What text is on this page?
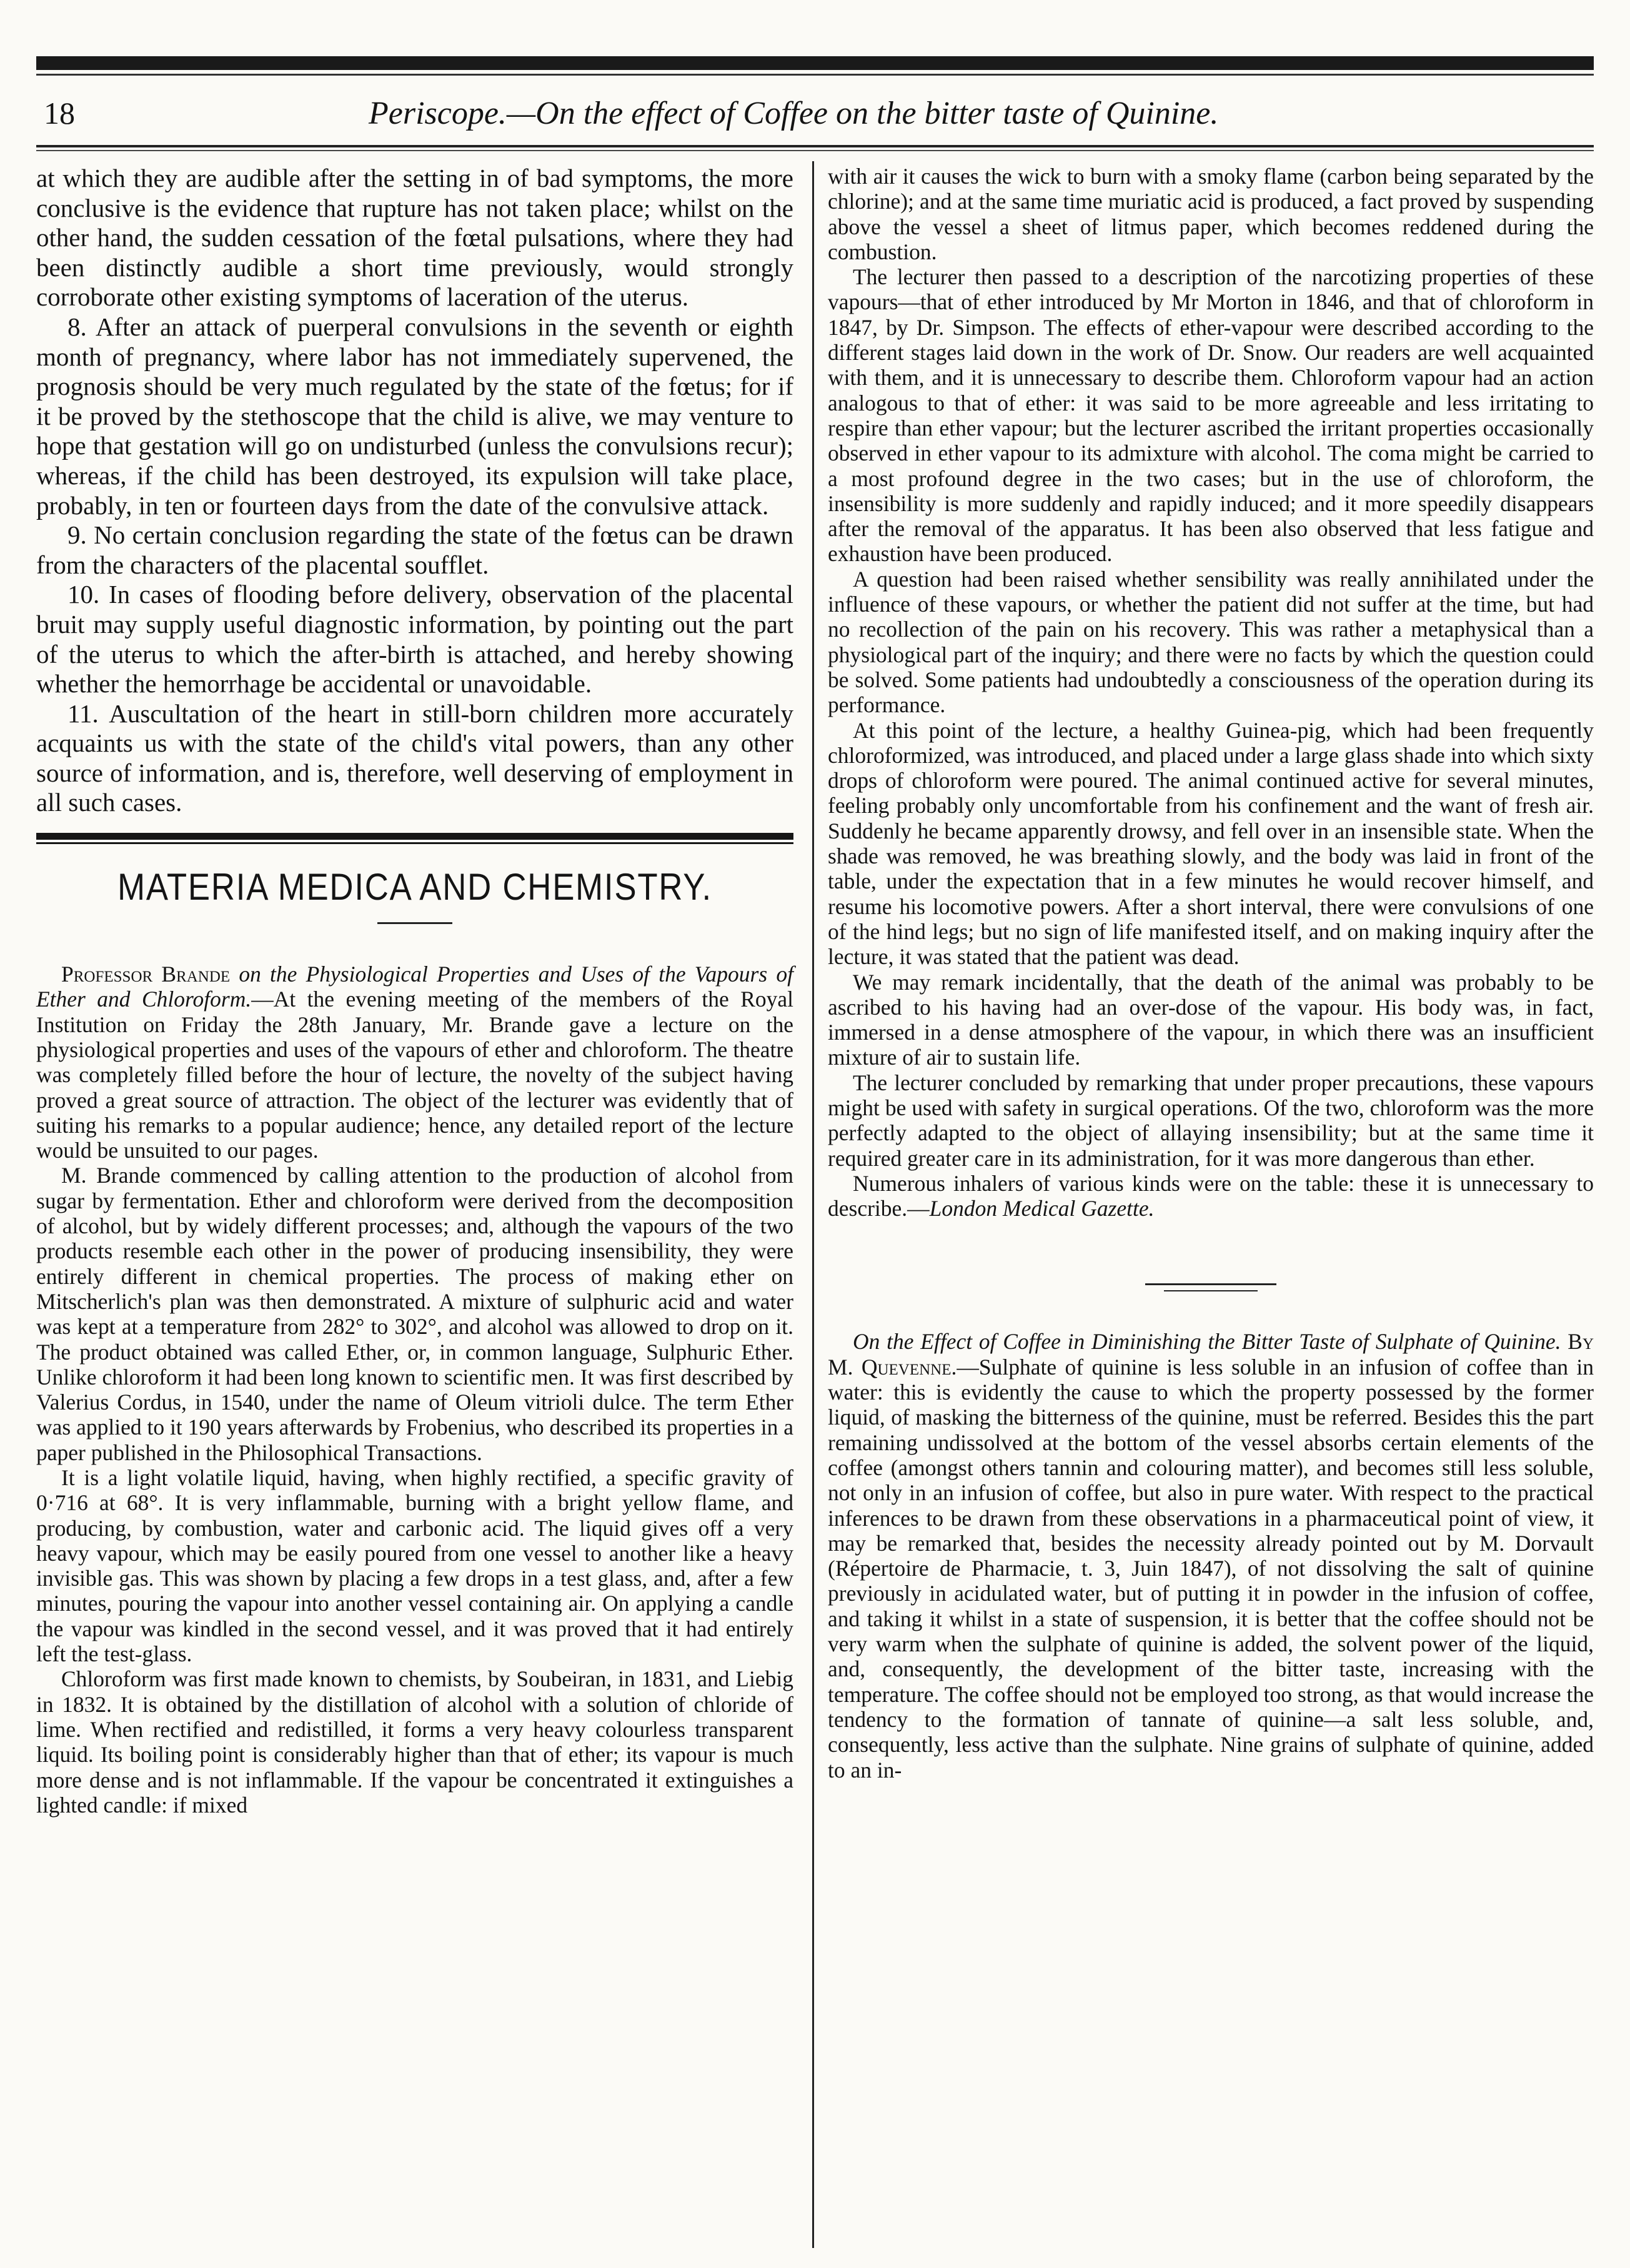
18	Periscope.—On the effect of Coffee on the bitter taste of Quinine.

at which they are audible after the setting in of bad symptoms, the more conclusive is the evidence that rupture has not taken place; whilst on the other hand, the sudden cessation of the fœtal pulsations, where they had been distinctly audible a short time previously, would strongly corroborate other existing symptoms of laceration of the uterus.

8. After an attack of puerperal convulsions in the seventh or eighth month of pregnancy, where labor has not immediately supervened, the prognosis should be very much regulated by the state of the fœtus; for if it be proved by the stethoscope that the child is alive, we may venture to hope that gestation will go on undisturbed (unless the convulsions recur); whereas, if the child has been destroyed, its expulsion will take place, probably, in ten or fourteen days from the date of the convulsive attack.

9. No certain conclusion regarding the state of the fœtus can be drawn from the characters of the placental soufflet.

10. In cases of flooding before delivery, observation of the placental bruit may supply useful diagnostic information, by pointing out the part of the uterus to which the after-birth is attached, and hereby showing whether the hemorrhage be accidental or unavoidable.

11. Auscultation of the heart in still-born children more accurately acquaints us with the state of the child's vital powers, than any other source of information, and is, therefore, well deserving of employment in all such cases.

MATERIA MEDICA AND CHEMISTRY.

Professor Brande on the Physiological Properties and Uses of the Vapours of Ether and Chloroform.—At the evening meeting of the members of the Royal Institution on Friday the 28th January, Mr. Brande gave a lecture on the physiological properties and uses of the vapours of ether and chloroform. The theatre was completely filled before the hour of lecture, the novelty of the subject having proved a great source of attraction. The object of the lecturer was evidently that of suiting his remarks to a popular audience; hence, any detailed report of the lecture would be unsuited to our pages.

M. Brande commenced by calling attention to the production of alcohol from sugar by fermentation. Ether and chloroform were derived from the decomposition of alcohol, but by widely different processes; and, although the vapours of the two products resemble each other in the power of producing insensibility, they were entirely different in chemical properties. The process of making ether on Mitscherlich's plan was then demonstrated. A mixture of sulphuric acid and water was kept at a temperature from 282° to 302°, and alcohol was allowed to drop on it. The product obtained was called Ether, or, in common language, Sulphuric Ether. Unlike chloroform it had been long known to scientific men. It was first described by Valerius Cordus, in 1540, under the name of Oleum vitrioli dulce. The term Ether was applied to it 190 years afterwards by Frobenius, who described its properties in a paper published in the Philosophical Transactions.

It is a light volatile liquid, having, when highly rectified, a specific gravity of 0·716 at 68°. It is very inflammable, burning with a bright yellow flame, and producing, by combustion, water and carbonic acid. The liquid gives off a very heavy vapour, which may be easily poured from one vessel to another like a heavy invisible gas. This was shown by placing a few drops in a test glass, and, after a few minutes, pouring the vapour into another vessel containing air. On applying a candle the vapour was kindled in the second vessel, and it was proved that it had entirely left the test-glass.

Chloroform was first made known to chemists, by Soubeiran, in 1831, and Liebig in 1832. It is obtained by the distillation of alcohol with a solution of chloride of lime. When rectified and redistilled, it forms a very heavy colourless transparent liquid. Its boiling point is considerably higher than that of ether; its vapour is much more dense and is not inflammable. If the vapour be concentrated it extinguishes a lighted candle: if mixed

with air it causes the wick to burn with a smoky flame (carbon being separated by the chlorine); and at the same time muriatic acid is produced, a fact proved by suspending above the vessel a sheet of litmus paper, which becomes reddened during the combustion.

The lecturer then passed to a description of the narcotizing properties of these vapours—that of ether introduced by Mr Morton in 1846, and that of chloroform in 1847, by Dr. Simpson. The effects of ether-vapour were described according to the different stages laid down in the work of Dr. Snow. Our readers are well acquainted with them, and it is unnecessary to describe them. Chloroform vapour had an action analogous to that of ether: it was said to be more agreeable and less irritating to respire than ether vapour; but the lecturer ascribed the irritant properties occasionally observed in ether vapour to its admixture with alcohol. The coma might be carried to a most profound degree in the two cases; but in the use of chloroform, the insensibility is more suddenly and rapidly induced; and it more speedily disappears after the removal of the apparatus. It has been also observed that less fatigue and exhaustion have been produced.

A question had been raised whether sensibility was really annihilated under the influence of these vapours, or whether the patient did not suffer at the time, but had no recollection of the pain on his recovery. This was rather a metaphysical than a physiological part of the inquiry; and there were no facts by which the question could be solved. Some patients had undoubtedly a consciousness of the operation during its performance.

At this point of the lecture, a healthy Guinea-pig, which had been frequently chloroformized, was introduced, and placed under a large glass shade into which sixty drops of chloroform were poured. The animal continued active for several minutes, feeling probably only uncomfortable from his confinement and the want of fresh air. Suddenly he became apparently drowsy, and fell over in an insensible state. When the shade was removed, he was breathing slowly, and the body was laid in front of the table, under the expectation that in a few minutes he would recover himself, and resume his locomotive powers. After a short interval, there were convulsions of one of the hind legs; but no sign of life manifested itself, and on making inquiry after the lecture, it was stated that the patient was dead.

We may remark incidentally, that the death of the animal was probably to be ascribed to his having had an over-dose of the vapour. His body was, in fact, immersed in a dense atmosphere of the vapour, in which there was an insufficient mixture of air to sustain life.

The lecturer concluded by remarking that under proper precautions, these vapours might be used with safety in surgical operations. Of the two, chloroform was the more perfectly adapted to the object of allaying insensibility; but at the same time it required greater care in its administration, for it was more dangerous than ether.

Numerous inhalers of various kinds were on the table: these it is unnecessary to describe.—London Medical Gazette.

On the Effect of Coffee in Diminishing the Bitter Taste of Sulphate of Quinine. By M. Quevenne.—Sulphate of quinine is less soluble in an infusion of coffee than in water: this is evidently the cause to which the property possessed by the former liquid, of masking the bitterness of the quinine, must be referred. Besides this the part remaining undissolved at the bottom of the vessel absorbs certain elements of the coffee (amongst others tannin and colouring matter), and becomes still less soluble, not only in an infusion of coffee, but also in pure water. With respect to the practical inferences to be drawn from these observations in a pharmaceutical point of view, it may be remarked that, besides the necessity already pointed out by M. Dorvault (Répertoire de Pharmacie, t. 3, Juin 1847), of not dissolving the salt of quinine previously in acidulated water, but of putting it in powder in the infusion of coffee, and taking it whilst in a state of suspension, it is better that the coffee should not be very warm when the sulphate of quinine is added, the solvent power of the liquid, and, consequently, the development of the bitter taste, increasing with the temperature. The coffee should not be employed too strong, as that would increase the tendency to the formation of tannate of quinine—a salt less soluble, and, consequently, less active than the sulphate. Nine grains of sulphate of quinine, added to an in-
